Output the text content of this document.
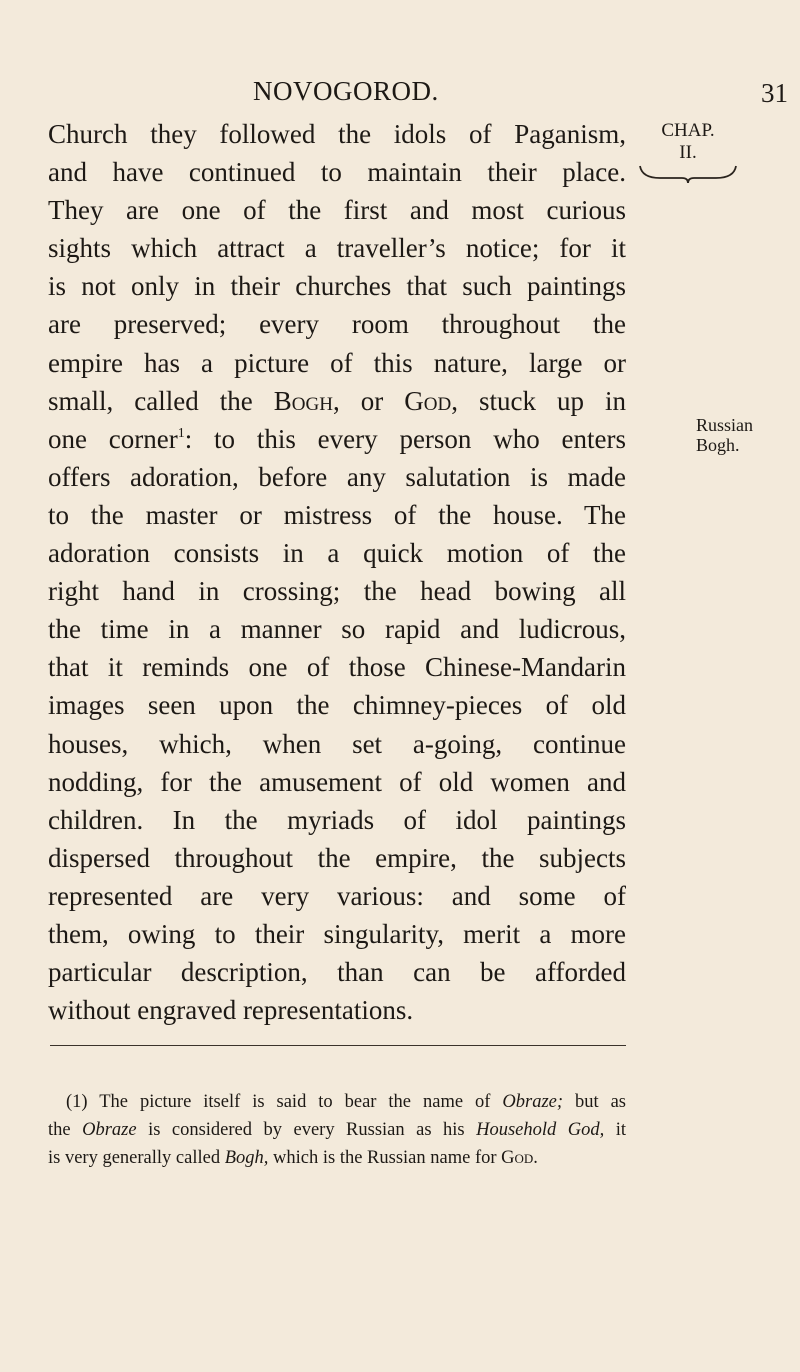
NOVOGOROD.	31
CHAP.
II.
Russian
Bogh.

Church they followed the idols of Paganism,
and have continued to maintain their place.
They are one of the first and most curious
sights which attract a traveller’s notice; for it
is not only in their churches that such paintings
are preserved; every room throughout the
empire has a picture of this nature, large or
small, called the Bogh, or God, stuck up in
one corner$^1$: to this every person who enters
offers adoration, before any salutation is made
to the master or mistress of the house. The
adoration consists in a quick motion of the
right hand in crossing; the head bowing all
the time in a manner so rapid and ludicrous,
that it reminds one of those Chinese-Mandarin
images seen upon the chimney-pieces of old
houses, which, when set a-going, continue
nodding, for the amusement of old women and
children. In the myriads of idol paintings
dispersed throughout the empire, the subjects
represented are very various: and some of
them, owing to their singularity, merit a more
particular description, than can be afforded
without engraved representations.

(1) The picture itself is said to bear the name of Obraze; but as
the Obraze is considered by every Russian as his Household God, it
is very generally called Bogh, which is the Russian name for God.
